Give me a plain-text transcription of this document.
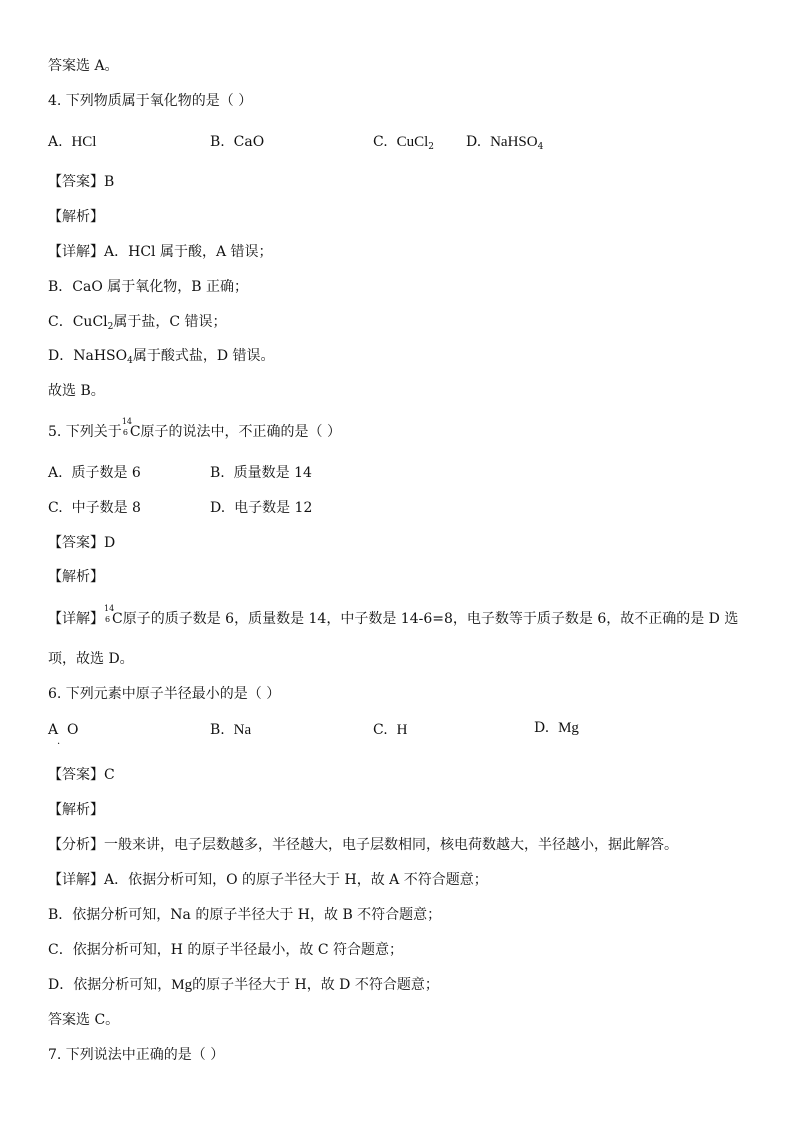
答案选 A。
4. 下列物质属于氧化物的是（ ）
A. HCl	B. CaO	C. CuCl$_2$ D. NaHSO$_4$
【答案】B
【解析】
【详解】A．HCl 属于酸，A 错误；
B．CaO 属于氧化物，B 正确；
C．CuCl$_2$属于盐，C 错误；
D．NaHSO$_4$属于酸式盐，D 错误。
故选 B。
5. 下列关于
14
6 C原子的说法中，不正确的是（ ）
A. 质子数是 6	B. 质量数是 14
C. 中子数是 8	D. 电子数是 12
【答案】D
【解析】
【详解】
14
6 C原子的质子数是 6，质量数是 14，中子数是 14-6=8，电子数等于质子数是 6，故不正确的是 D 选
项，故选 D。
6. 下列元素中原子半径最小的是（ ）
A O
.
B. Na	C. H	D. Mg
【答案】C
【解析】
【分析】一般来讲，电子层数越多，半径越大，电子层数相同，核电荷数越大，半径越小，据此解答。
【详解】A．依据分析可知，O 的原子半径大于 H，故 A 不符合题意；
B．依据分析可知，Na 的原子半径大于 H，故 B 不符合题意；
C．依据分析可知，H 的原子半径最小，故 C 符合题意；
D．依据分析可知，Mg的原子半径大于 H，故 D 不符合题意；
答案选 C。
7. 下列说法中正确的是（ ）
